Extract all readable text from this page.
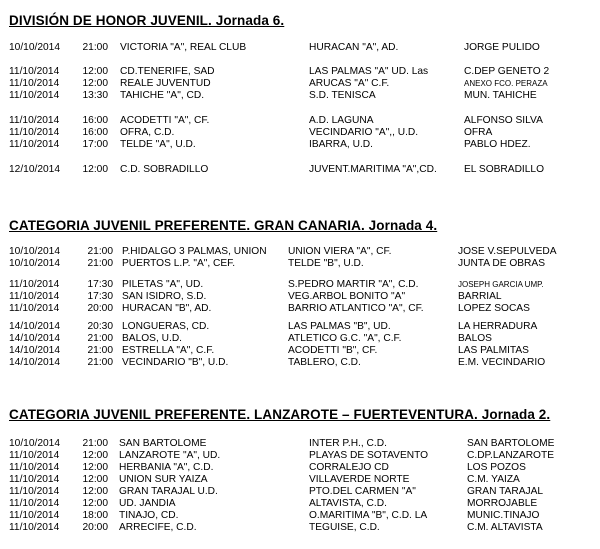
DIVISIÓN DE HONOR JUVENIL. Jornada 6.
10/10/2014	21:00 VICTORIA "A", REAL CLUB	HURACAN "A", AD.	JORGE PULIDO
11/10/2014	12:00 CD.TENERIFE, SAD	LAS PALMAS "A" UD. Las	C.DEP GENETO 2
11/10/2014	12:00 REALE JUVENTUD	ARUCAS "A" C.F.	ANEXO FCO. PERAZA
11/10/2014	13:30 TAHICHE "A", CD.	S.D. TENISCA	MUN. TAHICHE
11/10/2014	16:00 ACODETTI "A", CF.	A.D. LAGUNA	ALFONSO SILVA
11/10/2014	16:00 OFRA, C.D.	VECINDARIO "A",, U.D.	OFRA
11/10/2014	17:00 TELDE "A", U.D.	IBARRA, U.D.	PABLO HDEZ.
12/10/2014	12:00 C.D. SOBRADILLO	JUVENT.MARITIMA "A",CD.	EL SOBRADILLO
CATEGORIA JUVENIL PREFERENTE. GRAN CANARIA. Jornada 4.
10/10/2014	21:00 P.HIDALGO 3 PALMAS, UNION	UNION VIERA "A", CF.	JOSE V.SEPULVEDA
10/10/2014	21:00 PUERTOS L.P. "A", CEF.	TELDE "B", U.D.	JUNTA DE OBRAS
11/10/2014	17:30 PILETAS "A", UD.	S.PEDRO MARTIR "A", C.D.	JOSEPH GARCIA UMP.
11/10/2014	17:30 SAN ISIDRO, S.D.	VEG.ARBOL BONITO "A"	BARRIAL
11/10/2014	20:00 HURACAN "B", AD.	BARRIO ATLANTICO "A", CF.	LOPEZ SOCAS
14/10/2014	20:30 LONGUERAS, CD.	LAS PALMAS "B", UD.	LA HERRADURA
14/10/2014	21:00 BALOS, U.D.	ATLETICO G.C. "A", C.F.	BALOS
14/10/2014	21:00 ESTRELLA "A", C.F.	ACODETTI "B", CF.	LAS PALMITAS
14/10/2014	21:00 VECINDARIO "B", U.D.	TABLERO, C.D.	E.M. VECINDARIO
CATEGORIA JUVENIL PREFERENTE. LANZAROTE – FUERTEVENTURA. Jornada 2.
10/10/2014	21:00 SAN BARTOLOME	INTER P.H., C.D.	SAN BARTOLOME
11/10/2014	12:00 LANZAROTE "A", UD.	PLAYAS DE SOTAVENTO	C.DP.LANZAROTE
11/10/2014	12:00 HERBANIA "A", C.D.	CORRALEJO CD	LOS POZOS
11/10/2014	12:00 UNION SUR YAIZA	VILLAVERDE NORTE	C.M. YAIZA
11/10/2014	12:00 GRAN TARAJAL U.D.	PTO.DEL CARMEN "A"	GRAN TARAJAL
11/10/2014	12:00 UD. JANDIA	ALTAVISTA, C.D.	MORROJABLE
11/10/2014	18:00 TINAJO, CD.	O.MARITIMA "B", C.D. LA	MUNIC.TINAJO
11/10/2014	20:00 ARRECIFE, C.D.	TEGUISE, C.D.	C.M. ALTAVISTA
